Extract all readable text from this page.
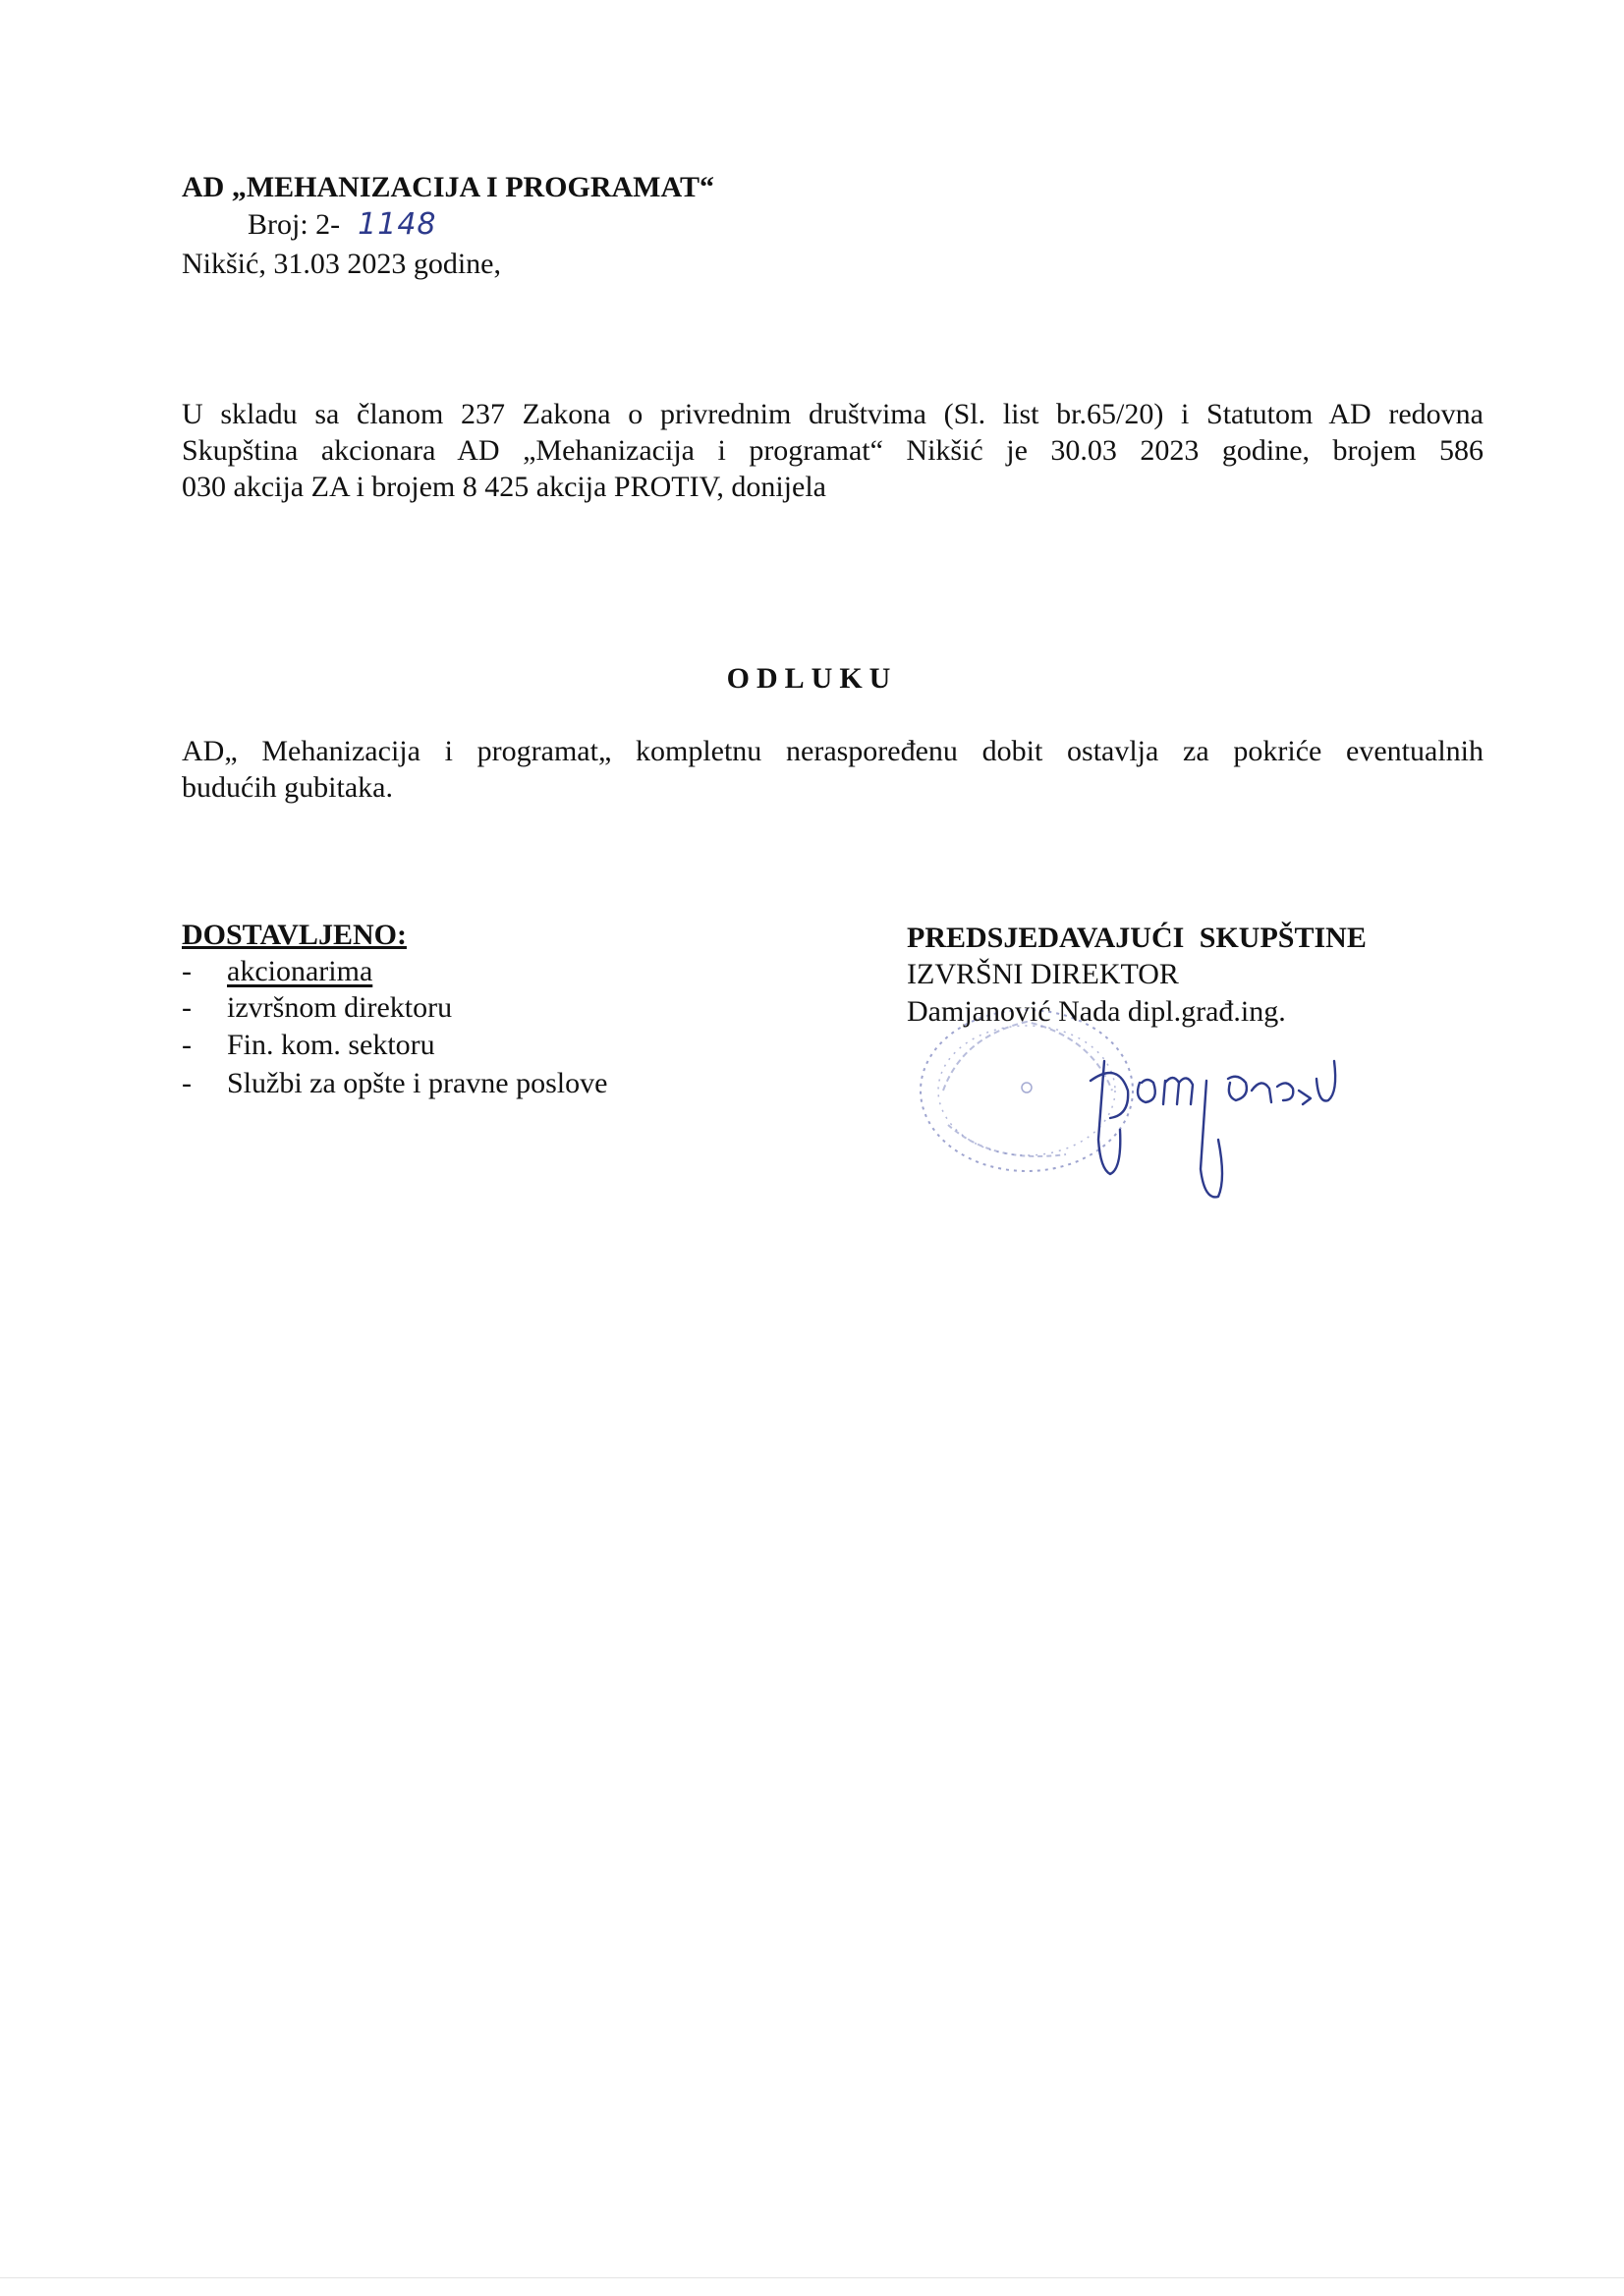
AD „MEHANIZACIJA I PROGRAMAT“
Broj: 2- 1148
Nikšić, 31.03 2023 godine,
U skladu sa članom 237 Zakona o privrednim društvima (Sl. list br.65/20) i Statutom AD redovna
Skupština akcionara AD „Mehanizacija i programat“ Nikšić je 30.03 2023 godine, brojem 586
030 akcija ZA i brojem 8 425 akcija PROTIV, donijela
ODLUKU
AD„ Mehanizacija i programat„ kompletnu neraspoređenu dobit ostavlja za pokriće eventualnih
budućih gubitaka.
DOSTAVLJENO:
- akcionarima
- izvršnom direktoru
- Fin. kom. sektoru
- Službi za opšte i pravne poslove
PREDSJEDAVAJUĆI SKUPŠTINE
IZVRŠNI DIREKTOR
Damjanović Nada dipl.građ.ing.
